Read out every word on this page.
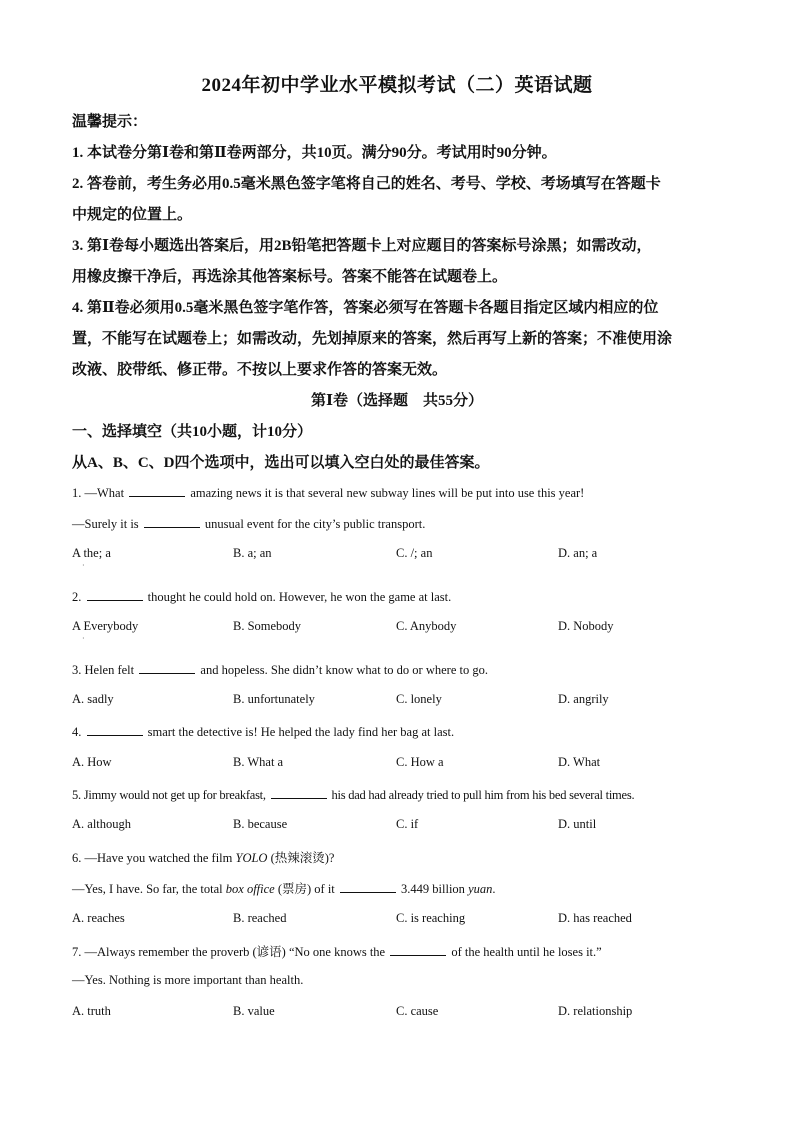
2024年初中学业水平模拟考试（二）英语试题
温馨提示：
1. 本试卷分第Ⅰ卷和第Ⅱ卷两部分，共10页。满分90分。考试用时90分钟。
2. 答卷前，考生务必用0.5毫米黑色签字笔将自己的姓名、考号、学校、考场填写在答题卡
中规定的位置上。
3. 第Ⅰ卷每小题选出答案后，用2B铅笔把答题卡上对应题目的答案标号涂黑；如需改动，
用橡皮擦干净后，再选涂其他答案标号。答案不能答在试题卷上。
4. 第Ⅱ卷必须用0.5毫米黑色签字笔作答，答案必须写在答题卡各题目指定区域内相应的位
置，不能写在试题卷上；如需改动，先划掉原来的答案，然后再写上新的答案；不准使用涂
改液、胶带纸、修正带。不按以上要求作答的答案无效。
第Ⅰ卷（选择题　共55分）
一、选择填空（共10小题，计10分）
从A、B、C、D四个选项中，选出可以填入空白处的最佳答案。
1. —What	amazing news it is that several new subway lines will be put into use this year!
—Surely it is	unusual event for the city’s public transport.
A the; a	B. a; an	C. /; an	D. an; a
·
2.	thought he could hold on. However, he won the game at last.
A Everybody	B. Somebody	C. Anybody	D. Nobody
·
3. Helen felt	and hopeless. She didn’t know what to do or where to go.
A. sadly	B. unfortunately	C. lonely	D. angrily
4.	smart the detective is! He helped the lady find her bag at last.
A. How	B. What a	C. How a	D. What
5. Jimmy would not get up for breakfast,	his dad had already tried to pull him from his bed several times.
A. although	B. because	C. if	D. until
6. —Have you watched the film YOLO (热辣滚烫)?
—Yes, I have. So far, the total box office (票房) of it	3.449 billion yuan.
A. reaches	B. reached	C. is reaching	D. has reached
7. —Always remember the proverb (谚语) “No one knows the	of the health until he loses it.”
—Yes. Nothing is more important than health.
A. truth	B. value	C. cause	D. relationship
